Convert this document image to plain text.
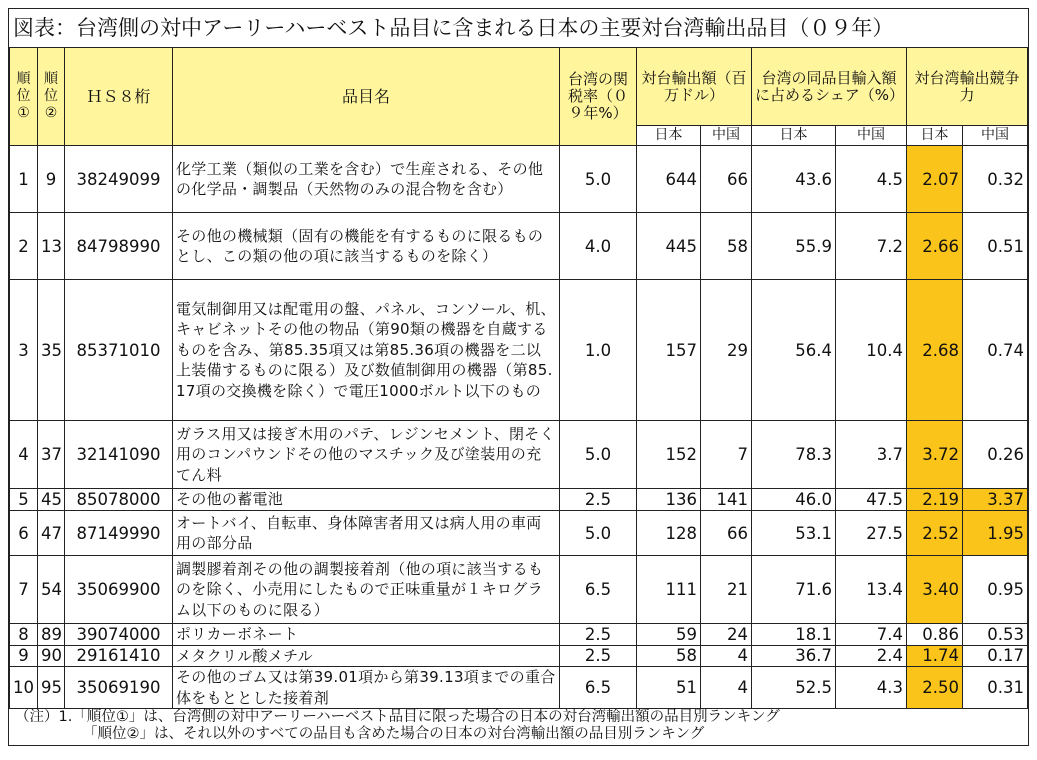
図表：台湾側の対中アーリーハーベスト品目に含まれる日本の主要対台湾輸出品目（０９年）
順位①	順位②	ＨＳ８桁	品目名	台湾の関税率（０９年%）	対台輸出額（百万ドル）		台湾の同品目輸入額に占めるシェア（%）		対台湾輸出競争力	
					日本	中国	日本	中国	日本	中国
1	9	38249099	化学工業（類似の工業を含む）で生産される、その他の化学品・調製品（天然物のみの混合物を含む）	5.0	644	66	43.6	4.5	2.07	0.32
2	13	84798990	その他の機械類（固有の機能を有するものに限るものとし、この類の他の項に該当するものを除く）	4.0	445	58	55.9	7.2	2.66	0.51
3	35	85371010	電気制御用又は配電用の盤、パネル、コンソール、机、キャビネットその他の物品（第90類の機器を自蔵するものを含み、第85.35項又は第85.36項の機器を二以上装備するものに限る）及び数値制御用の機器（第85.17項の交換機を除く）で電圧1000ボルト以下のもの	1.0	157	29	56.4	10.4	2.68	0.74
4	37	32141090	ガラス用又は接ぎ木用のパテ、レジンセメント、閉そく用のコンパウンドその他のマスチック及び塗装用の充てん料	5.0	152	7	78.3	3.7	3.72	0.26
5	45	85078000	その他の蓄電池	2.5	136	141	46.0	47.5	2.19	3.37
6	47	87149990	オートバイ、自転車、身体障害者用又は病人用の車両用の部分品	5.0	128	66	53.1	27.5	2.52	1.95
7	54	35069900	調製膠着剤その他の調製接着剤（他の項に該当するものを除く、小売用にしたもので正味重量が１キログラム以下のものに限る）	6.5	111	21	71.6	13.4	3.40	0.95
8	89	39074000	ポリカーボネート	2.5	59	24	18.1	7.4	0.86	0.53
9	90	29161410	メタクリル酸メチル	2.5	58	4	36.7	2.4	1.74	0.17
10	95	35069190	その他のゴム又は第39.01項から第39.13項までの重合体をもととした接着剤	6.5	51	4	52.5	4.3	2.50	0.31
（注）1.「順位①」は、台湾側の対中アーリーハーベスト品目に限った場合の日本の対台湾輸出額の品目別ランキング
「順位②」は、それ以外のすべての品目も含めた場合の日本の対台湾輸出額の品目別ランキング
